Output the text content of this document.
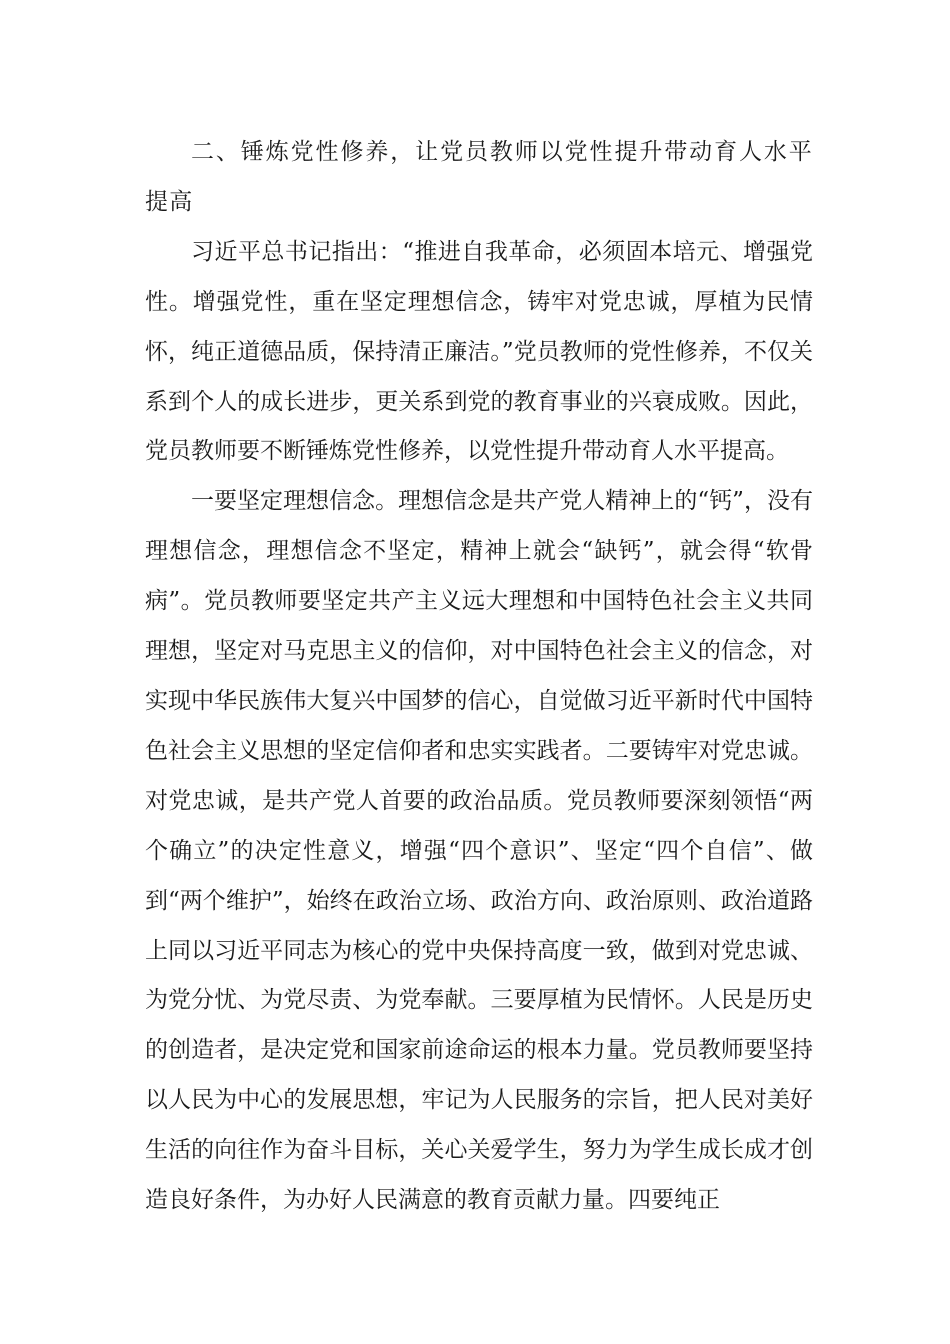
二、锤炼党性修养，让党员教师以党性提升带动育人水平提高

习近平总书记指出：“推进自我革命，必须固本培元、增强党性。增强党性，重在坚定理想信念，铸牢对党忠诚，厚植为民情怀，纯正道德品质，保持清正廉洁。”党员教师的党性修养，不仅关系到个人的成长进步，更关系到党的教育事业的兴衰成败。因此，党员教师要不断锤炼党性修养，以党性提升带动育人水平提高。

一要坚定理想信念。理想信念是共产党人精神上的“钙”，没有理想信念，理想信念不坚定，精神上就会“缺钙”，就会得“软骨病”。党员教师要坚定共产主义远大理想和中国特色社会主义共同理想，坚定对马克思主义的信仰，对中国特色社会主义的信念，对实现中华民族伟大复兴中国梦的信心，自觉做习近平新时代中国特色社会主义思想的坚定信仰者和忠实实践者。二要铸牢对党忠诚。对党忠诚，是共产党人首要的政治品质。党员教师要深刻领悟“两个确立”的决定性意义，增强“四个意识”、坚定“四个自信”、做到“两个维护”，始终在政治立场、政治方向、政治原则、政治道路上同以习近平同志为核心的党中央保持高度一致，做到对党忠诚、为党分忧、为党尽责、为党奉献。三要厚植为民情怀。人民是历史的创造者，是决定党和国家前途命运的根本力量。党员教师要坚持以人民为中心的发展思想，牢记为人民服务的宗旨，把人民对美好生活的向往作为奋斗目标，关心关爱学生，努力为学生成长成才创造良好条件，为办好人民满意的教育贡献力量。四要纯正
